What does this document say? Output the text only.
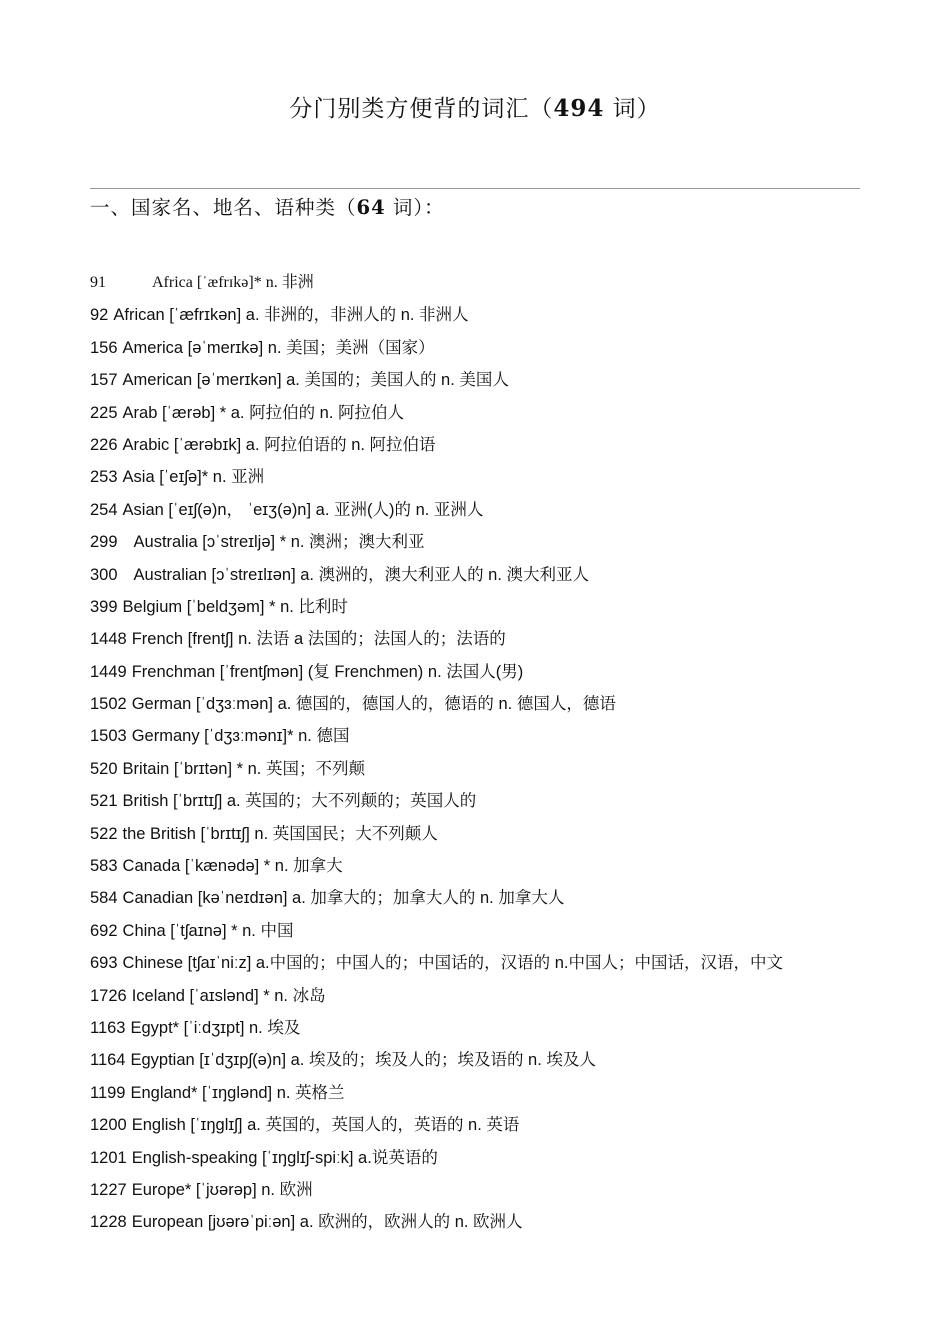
分门别类方便背的词汇（494 词）
一、国家名、地名、语种类（64 词）：
91	Africa [ˈæfrɪkə]* n. 非洲
92 African [ˈæfrɪkən] a. 非洲的，非洲人的 n. 非洲人
156 America [əˈmerɪkə] n. 美国；美洲（国家）
157 American [əˈmerɪkən] a. 美国的；美国人的 n. 美国人
225 Arab [ˈærəb] * a. 阿拉伯的 n. 阿拉伯人
226 Arabic [ˈærəbɪk] a. 阿拉伯语的 n. 阿拉伯语
253 Asia [ˈeɪʃə]* n. 亚洲
254 Asian [ˈeɪʃ(ə)n， ˈeɪʒ(ə)n] a. 亚洲(人)的 n. 亚洲人
299 Australia [ɔˈstreɪljə] * n. 澳洲；澳大利亚
300 Australian [ɔˈstreɪlɪən] a. 澳洲的，澳大利亚人的 n. 澳大利亚人
399 Belgium [ˈbeldʒəm] * n. 比利时
1448 French [frentʃ] n. 法语 a 法国的；法国人的；法语的
1449 Frenchman [ˈfrentʃmən] (复 Frenchmen) n. 法国人(男)
1502 German [ˈdʒɜːmən] a. 德国的，德国人的，德语的 n. 德国人，德语
1503 Germany [ˈdʒɜːmənɪ]* n. 德国
520 Britain [ˈbrɪtən] * n. 英国；不列颠
521 British [ˈbrɪtɪʃ] a. 英国的；大不列颠的；英国人的
522 the British [ˈbrɪtɪʃ] n. 英国国民；大不列颠人
583 Canada [ˈkænədə] * n. 加拿大
584 Canadian [kəˈneɪdɪən] a. 加拿大的；加拿大人的 n. 加拿大人
692 China [ˈtʃaɪnə] * n. 中国
693 Chinese [tʃaɪˈniːz] a.中国的；中国人的；中国话的，汉语的 n.中国人；中国话，汉语，中文
1726 Iceland [ˈaɪslənd] * n. 冰岛
1163 Egypt* [ˈiːdʒɪpt] n. 埃及
1164 Egyptian [ɪˈdʒɪpʃ(ə)n] a. 埃及的；埃及人的；埃及语的 n. 埃及人
1199 England* [ˈɪŋglənd] n. 英格兰
1200 English [ˈɪŋglɪʃ] a. 英国的，英国人的，英语的 n. 英语
1201 English-speaking [ˈɪŋglɪʃ-spiːk] a.说英语的
1227 Europe* [ˈjʊərəp] n. 欧洲
1228 European [jʊərəˈpiːən] a. 欧洲的，欧洲人的 n. 欧洲人
